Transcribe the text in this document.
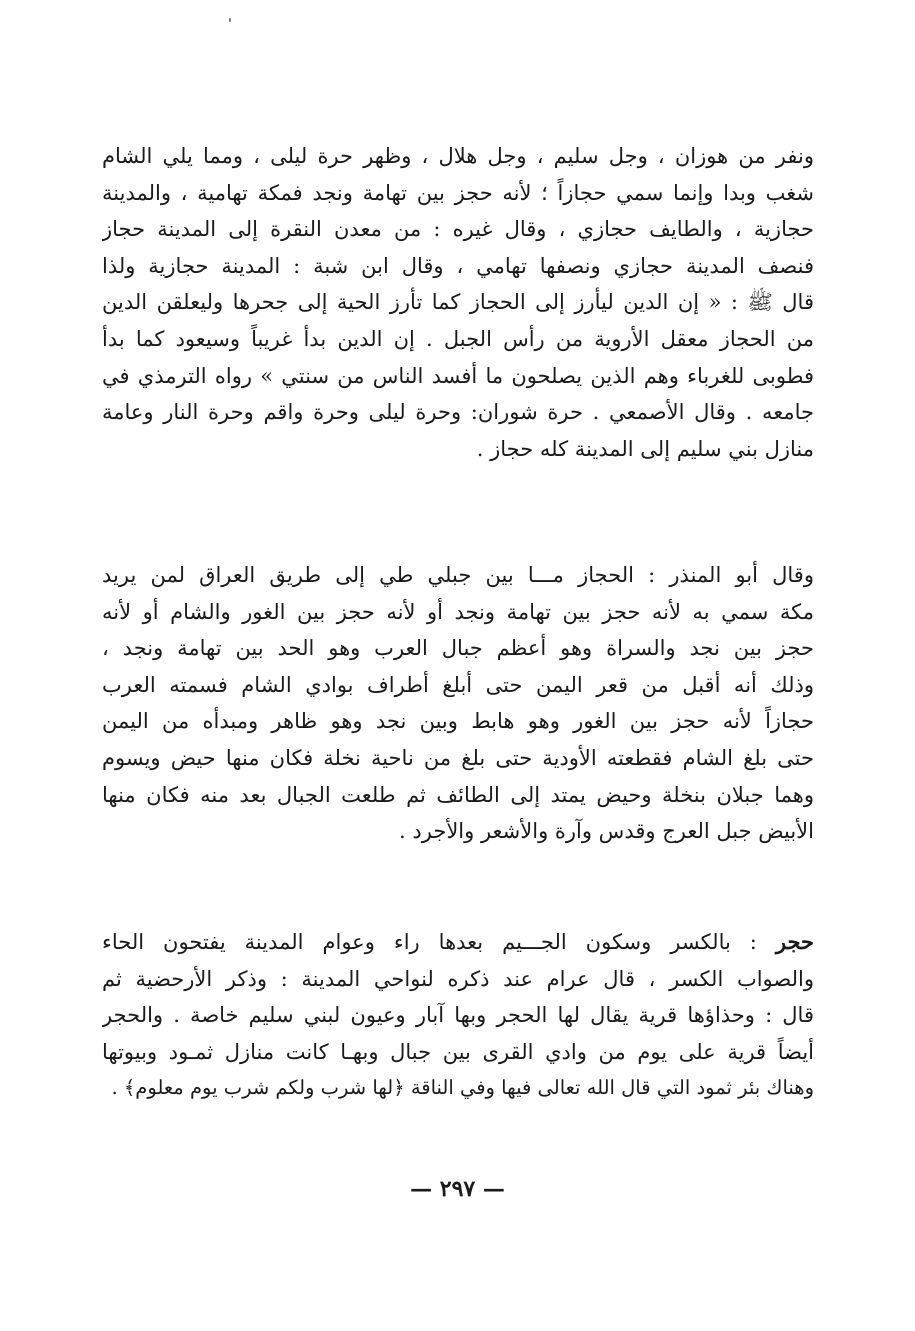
ونفر من هوزان ، وجل سليم ، وجل هلال ، وظهر حرة ليلى ، ومما يلي الشام
شغب وبدا وإنما سمي حجازاً ؛ لأنه حجز بين تهامة ونجد فمكة تهامية ، والمدينة
حجازية ، والطايف حجازي ، وقال غيره : من معدن النقرة إلى المدينة حجاز
فنصف المدينة حجازي ونصفها تهامي ، وقال ابن شبة : المدينة حجازية ولذا
قال ﷺ : « إن الدين ليأرز إلى الحجاز كما تأرز الحية إلى جحرها وليعلقن الدين
من الحجاز معقل الأروية من رأس الجبل . إن الدين بدأ غريباً وسيعود كما بدأ
فطوبى للغرباء وهم الذين يصلحون ما أفسد الناس من سنتي » رواه الترمذي في
جامعه . وقال الأصمعي . حرة شوران: وحرة ليلى وحرة واقم وحرة النار وعامة
منازل بني سليم إلى المدينة كله حجاز .
وقال أبو المنذر : الحجاز مـــا بين جبلي طي إلى طريق العراق لمن يريد
مكة سمي به لأنه حجز بين تهامة ونجد أو لأنه حجز بين الغور والشام أو لأنه
حجز بين نجد والسراة وهو أعظم جبال العرب وهو الحد بين تهامة ونجد ،
وذلك أنه أقبل من قعر اليمن حتى أبلغ أطراف بوادي الشام فسمته العرب
حجازاً لأنه حجز بين الغور وهو هابط وبين نجد وهو ظاهر ومبدأه من اليمن
حتى بلغ الشام فقطعته الأودية حتى بلغ من ناحية نخلة فكان منها حيض ويسوم
وهما جبلان بنخلة وحيض يمتد إلى الطائف ثم طلعت الجبال بعد منه فكان منها
الأبيض جبل العرج وقدس وآرة والأشعر والأجرد .
حجر : بالكسر وسكون الجـــيم بعدها راء وعوام المدينة يفتحون الحاء
والصواب الكسر ، قال عرام عند ذكره لنواحي المدينة : وذكر الأرحضية ثم
قال : وحذاؤها قرية يقال لها الحجر وبها آبار وعيون لبني سليم خاصة . والحجر
أيضاً قرية على يوم من وادي القرى بين جبال وبهـا كانت منازل ثمـود وبيوتها
وهناك بئر ثمود التي قال الله تعالى فيها وفي الناقة ﴿لها شرب ولكم شرب يوم معلوم﴾ .
— ٢٩٧ —
